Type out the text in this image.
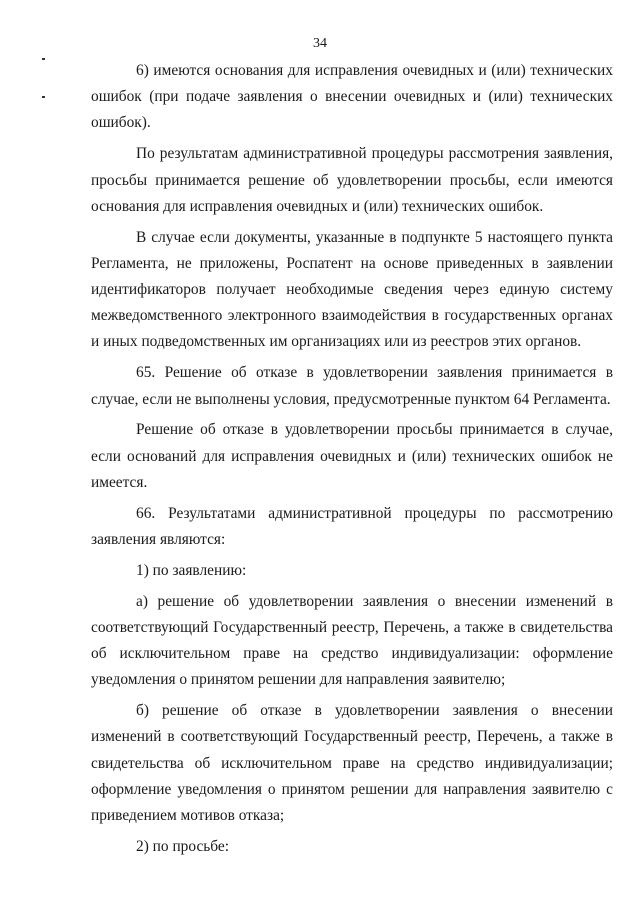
34

6) имеются основания для исправления очевидных и (или) технических ошибок (при подаче заявления о внесении очевидных и (или) технических ошибок).

По результатам административной процедуры рассмотрения заявления, просьбы принимается решение об удовлетворении просьбы, если имеются основания для исправления очевидных и (или) технических ошибок.

В случае если документы, указанные в подпункте 5 настоящего пункта Регламента, не приложены, Роспатент на основе приведенных в заявлении идентификаторов получает необходимые сведения через единую систему межведомственного электронного взаимодействия в государственных органах и иных подведомственных им организациях или из реестров этих органов.

65. Решение об отказе в удовлетворении заявления принимается в случае, если не выполнены условия, предусмотренные пунктом 64 Регламента.

Решение об отказе в удовлетворении просьбы принимается в случае, если оснований для исправления очевидных и (или) технических ошибок не имеется.

66. Результатами административной процедуры по рассмотрению заявления являются:

1) по заявлению:

а) решение об удовлетворении заявления о внесении изменений в соответствующий Государственный реестр, Перечень, а также в свидетельства об исключительном праве на средство индивидуализации: оформление уведомления о принятом решении для направления заявителю;

б) решение об отказе в удовлетворении заявления о внесении изменений в соответствующий Государственный реестр, Перечень, а также в свидетельства об исключительном праве на средство индивидуализации; оформление уведомления о принятом решении для направления заявителю с приведением мотивов отказа;

2) по просьбе:
